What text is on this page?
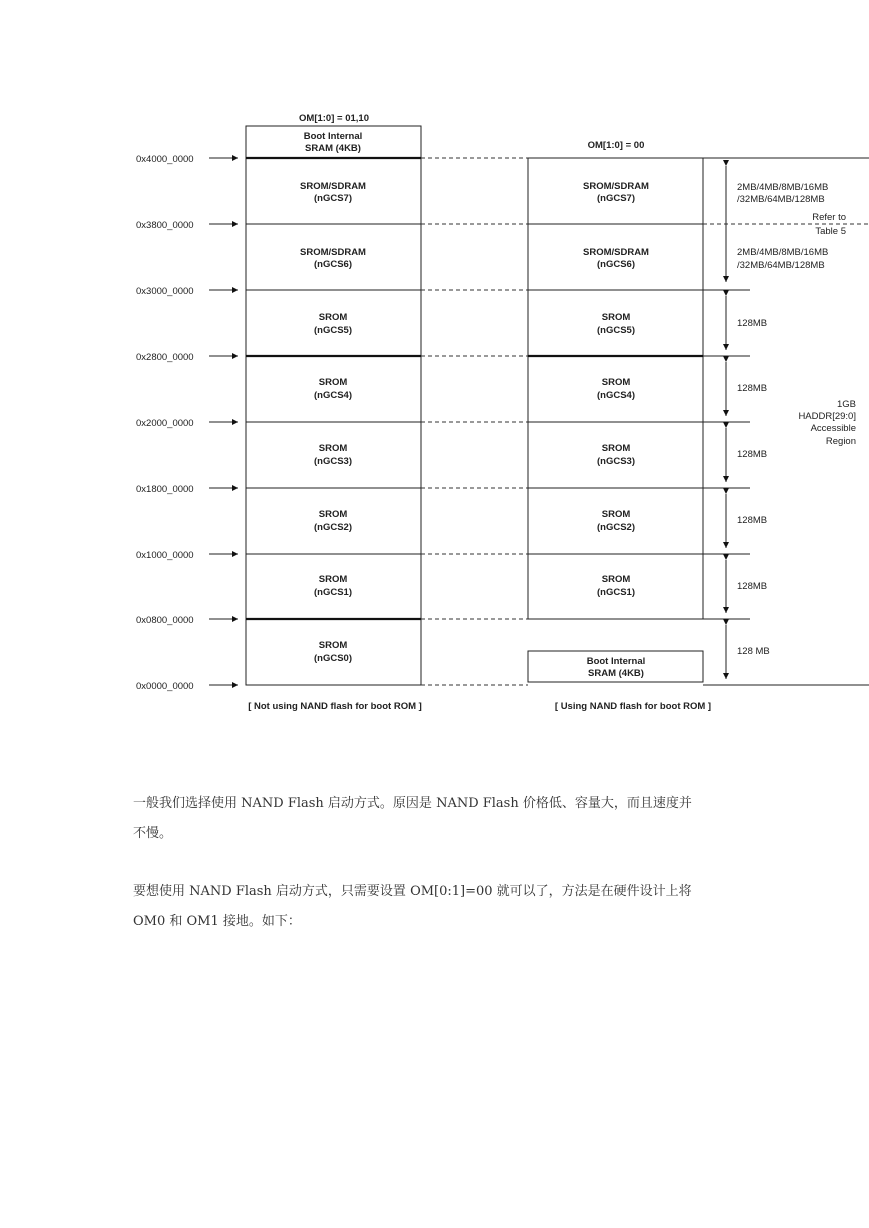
OM[1:0] = 01,10
OM[1:0] = 00
Boot Internal
SRAM (4KB)
SROM/SDRAM
(nGCS7)
SROM/SDRAM
(nGCS6)
SROM
(nGCS5)
SROM
(nGCS4)
SROM
(nGCS3)
SROM
(nGCS2)
SROM
(nGCS1)
SROM
(nGCS0)
0x4000_0000
0x3800_0000
0x3000_0000
0x2800_0000
0x2000_0000
0x1800_0000
0x1000_0000
0x0800_0000
0x0000_0000
SROM/SDRAM
(nGCS7)
SROM/SDRAM
(nGCS6)
SROM
(nGCS5)
SROM
(nGCS4)
SROM
(nGCS3)
SROM
(nGCS2)
SROM
(nGCS1)
Boot Internal
SRAM (4KB)
2MB/4MB/8MB/16MB
/32MB/64MB/128MB
Refer to
Table 5
2MB/4MB/8MB/16MB
/32MB/64MB/128MB
128MB
128MB
128MB
128MB
128MB
128 MB
1GB
HADDR[29:0]
Accessible
Region
[ Not using NAND flash for boot ROM ]	[ Using NAND flash for boot ROM ]
一般我们选择使用 NAND Flash 启动方式。原因是 NAND Flash 价格低、容量大，而且速度并
不慢。
要想使用 NAND Flash 启动方式，只需要设置 OM[0:1]=00 就可以了，方法是在硬件设计上将
OM0 和 OM1 接地。如下：
